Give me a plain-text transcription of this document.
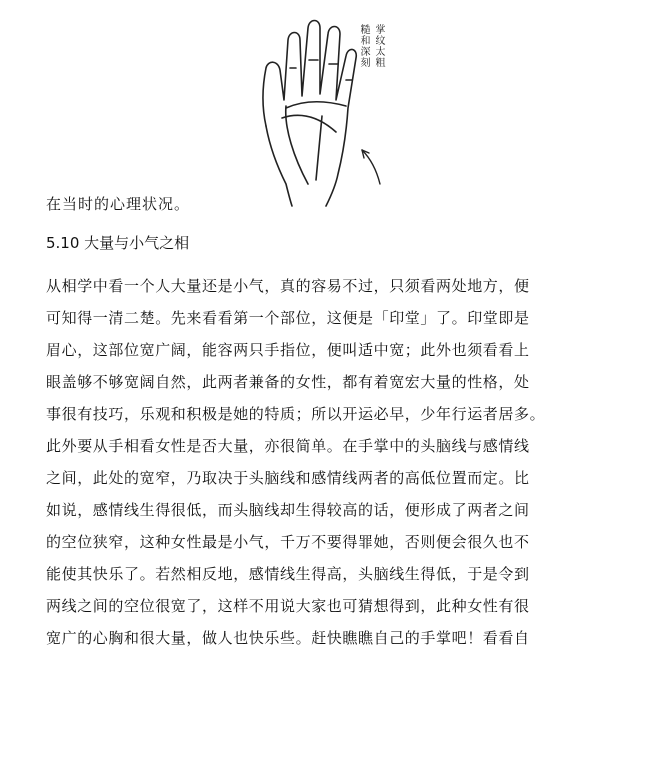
掌纹太粗
糙和深刻
在当时的心理状况。
5.10 大量与小气之相
从相学中看一个人大量还是小气，真的容易不过，只须看两处地方，便
可知得一清二楚。先来看看第一个部位，这便是「印堂」了。印堂即是
眉心，这部位宽广阔，能容两只手指位，便叫适中宽；此外也须看看上
眼盖够不够宽阔自然，此两者兼备的女性，都有着宽宏大量的性格，处
事很有技巧，乐观和积极是她的特质；所以开运必早，少年行运者居多。
此外要从手相看女性是否大量，亦很简单。在手掌中的头脑线与感情线
之间，此处的宽窄，乃取决于头脑线和感情线两者的高低位置而定。比
如说，感情线生得很低，而头脑线却生得较高的话，便形成了两者之间
的空位狭窄，这种女性最是小气，千万不要得罪她，否则便会很久也不
能使其快乐了。若然相反地，感情线生得高，头脑线生得低，于是令到
两线之间的空位很宽了，这样不用说大家也可猜想得到，此种女性有很
宽广的心胸和很大量，做人也快乐些。赶快瞧瞧自己的手掌吧！看看自
